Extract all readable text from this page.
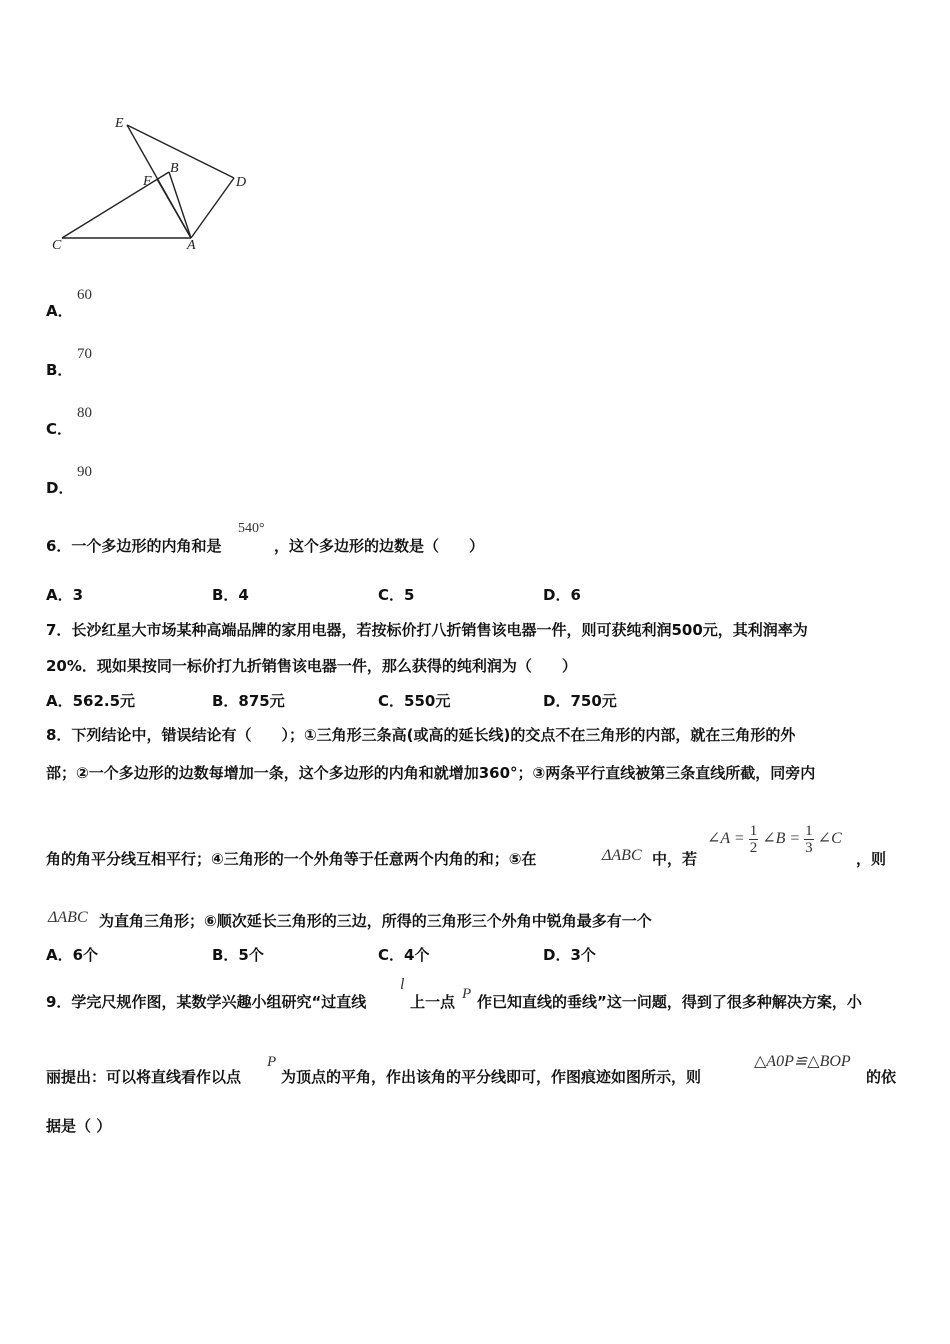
E
B
F	D
C	A
A．
60
B．
70
C．
80
D．
90
6．一个多边形的内角和是
540°
，这个多边形的边数是（　　）
A．3	B．4	C．5	D．6
7．长沙红星大市场某种高端品牌的家用电器，若按标价打八折销售该电器一件，则可获纯利润500元，其利润率为
20%．现如果按同一标价打九折销售该电器一件，那么获得的纯利润为（　　）
A．562.5元	B．875元	C．550元	D．750元
8．下列结论中，错误结论有（　　）；①三角形三条高(或高的延长线)的交点不在三角形的内部，就在三角形的外
部；②一个多边形的边数每增加一条，这个多边形的内角和就增加360°；③两条平行直线被第三条直线所截，同旁内
角的角平分线互相平行；④三角形的一个外角等于任意两个内角的和；⑤在	ΔABC 中，若
∠A = $\frac{1}{2}$ ∠B = $\frac{1}{3}$ ∠C
，则
ΔABC 为直角三角形；⑥顺次延长三角形的三边，所得的三角形三个外角中锐角最多有一个
A．6个	B．5个	C．4个	D．3个
9．学完尺规作图，某数学兴趣小组研究“过直线
l
上一点 P 作已知直线的垂线”这一问题，得到了很多种解决方案，小
丽提出：可以将直线看作以点
P
为顶点的平角，作出该角的平分线即可，作图痕迹如图所示，则
△A0P≌△BOP
的依
据是（ ）
